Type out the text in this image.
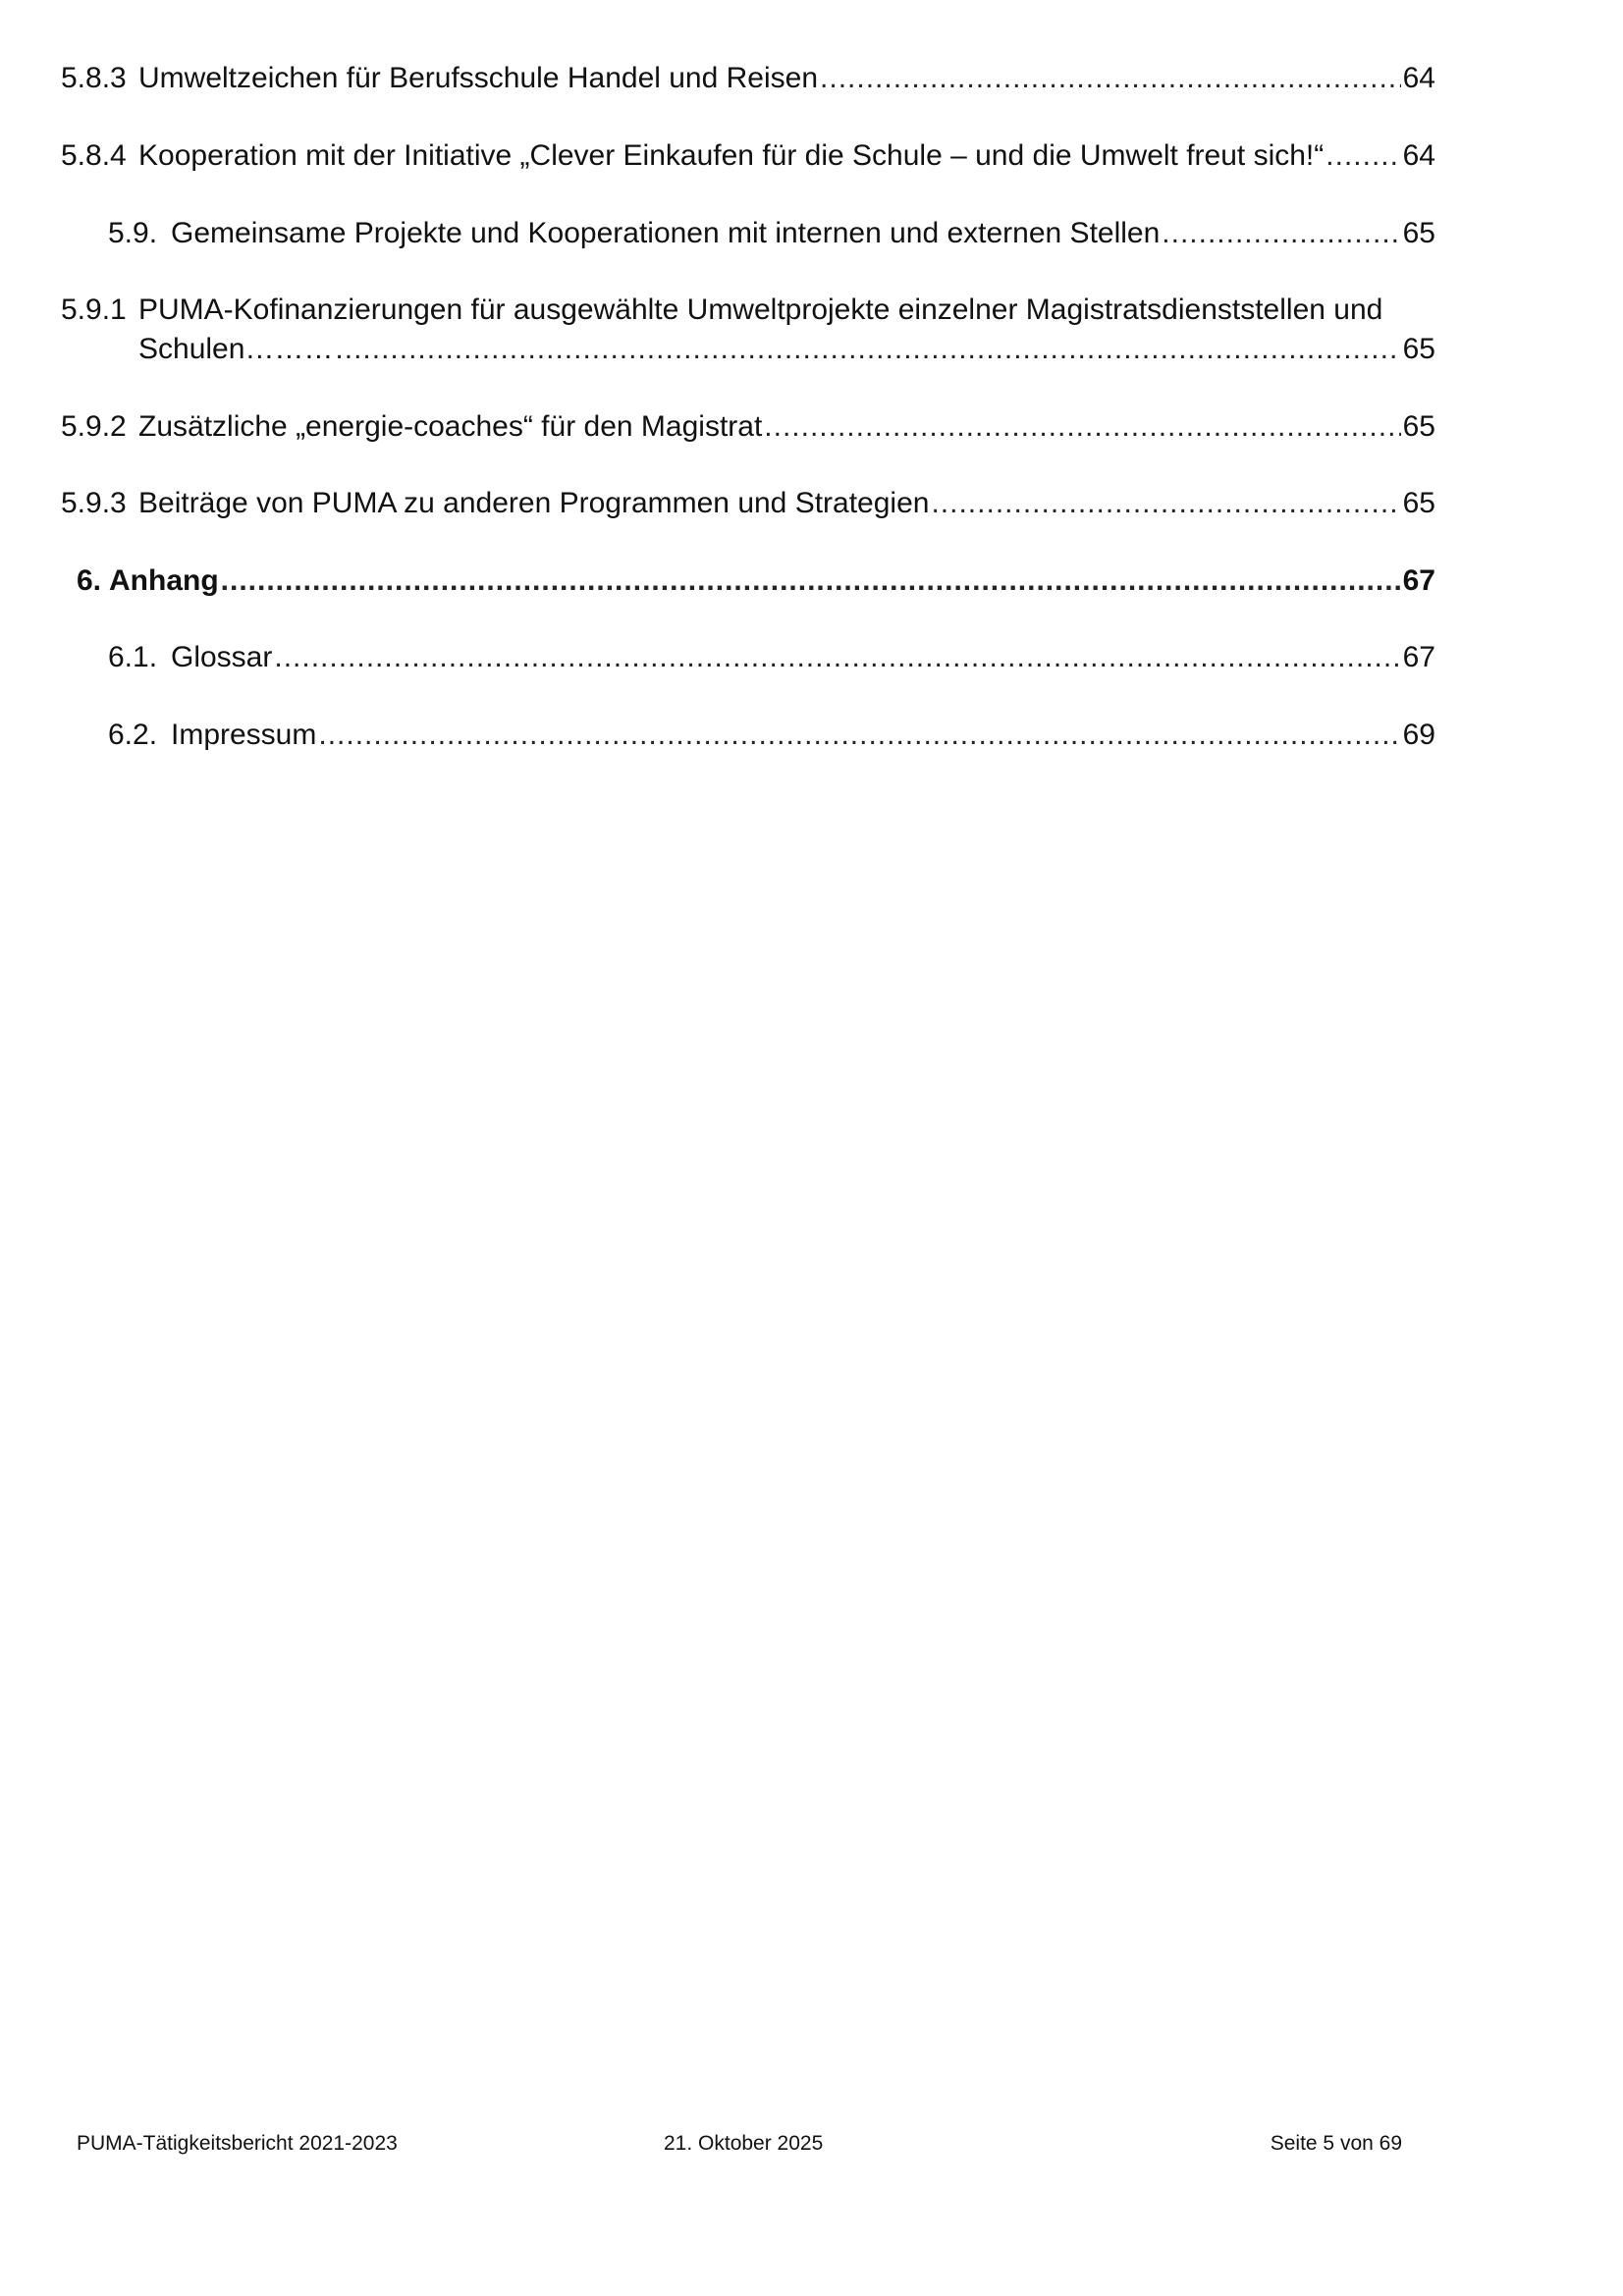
5.8.3 Umweltzeichen für Berufsschule Handel und Reisen .....	64
5.8.4 Kooperation mit der Initiative „Clever Einkaufen für die Schule – und die Umwelt freut sich!“ .....	64
5.9. Gemeinsame Projekte und Kooperationen mit internen und externen Stellen .....	65
5.9.1 PUMA-Kofinanzierungen für ausgewählte Umweltprojekte einzelner Magistratsdienststellen und
Schulen……… .....	65
5.9.2 Zusätzliche „energie-coaches“ für den Magistrat .....	65
5.9.3 Beiträge von PUMA zu anderen Programmen und Strategien .....	65
6. Anhang .....	67
6.1. Glossar .....	67
6.2. Impressum .....	69
PUMA-Tätigkeitsbericht 2021-2023	21. Oktober 2025	Seite 5 von 69
